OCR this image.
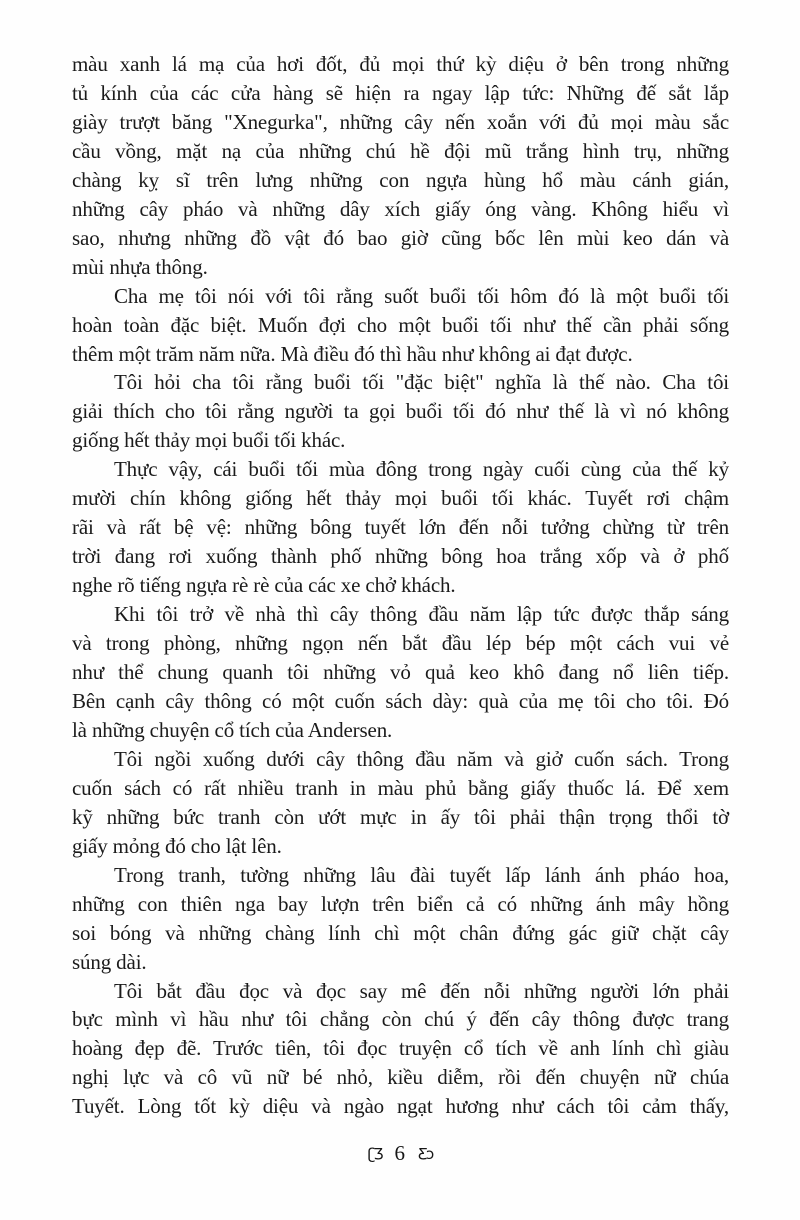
màu xanh lá mạ của hơi đốt, đủ mọi thứ kỳ diệu ở bên trong những
tủ kính của các cửa hàng sẽ hiện ra ngay lập tức: Những đế sắt lắp
giày trượt băng "Xnegurka", những cây nến xoắn với đủ mọi màu sắc
cầu vồng, mặt nạ của những chú hề đội mũ trắng hình trụ, những
chàng kỵ sĩ trên lưng những con ngựa hùng hổ màu cánh gián,
những cây pháo và những dây xích giấy óng vàng. Không hiểu vì
sao, nhưng những đồ vật đó bao giờ cũng bốc lên mùi keo dán và
mùi nhựa thông.
Cha mẹ tôi nói với tôi rằng suốt buổi tối hôm đó là một buổi tối
hoàn toàn đặc biệt. Muốn đợi cho một buổi tối như thế cần phải sống
thêm một trăm năm nữa. Mà điều đó thì hầu như không ai đạt được.
Tôi hỏi cha tôi rằng buổi tối "đặc biệt" nghĩa là thế nào. Cha tôi
giải thích cho tôi rằng người ta gọi buổi tối đó như thế là vì nó không
giống hết thảy mọi buổi tối khác.
Thực vậy, cái buổi tối mùa đông trong ngày cuối cùng của thế kỷ
mười chín không giống hết thảy mọi buổi tối khác. Tuyết rơi chậm
rãi và rất bệ vệ: những bông tuyết lớn đến nỗi tưởng chừng từ trên
trời đang rơi xuống thành phố những bông hoa trắng xốp và ở phố
nghe rõ tiếng ngựa rè rè của các xe chở khách.
Khi tôi trở về nhà thì cây thông đầu năm lập tức được thắp sáng
và trong phòng, những ngọn nến bắt đầu lép bép một cách vui vẻ
như thể chung quanh tôi những vỏ quả keo khô đang nổ liên tiếp.
Bên cạnh cây thông có một cuốn sách dày: quà của mẹ tôi cho tôi. Đó
là những chuyện cổ tích của Andersen.
Tôi ngồi xuống dưới cây thông đầu năm và giở cuốn sách. Trong
cuốn sách có rất nhiều tranh in màu phủ bằng giấy thuốc lá. Để xem
kỹ những bức tranh còn ướt mực in ấy tôi phải thận trọng thổi tờ
giấy mỏng đó cho lật lên.
Trong tranh, tường những lâu đài tuyết lấp lánh ánh pháo hoa,
những con thiên nga bay lượn trên biển cả có những ánh mây hồng
soi bóng và những chàng lính chì một chân đứng gác giữ chặt cây
súng dài.
Tôi bắt đầu đọc và đọc say mê đến nỗi những người lớn phải
bực mình vì hầu như tôi chẳng còn chú ý đến cây thông được trang
hoàng đẹp đẽ. Trước tiên, tôi đọc truyện cổ tích về anh lính chì giàu
nghị lực và cô vũ nữ bé nhỏ, kiều diễm, rồi đến chuyện nữ chúa
Tuyết. Lòng tốt kỳ diệu và ngào ngạt hương như cách tôi cảm thấy,
ʗƷ 6 Ƹɔ
